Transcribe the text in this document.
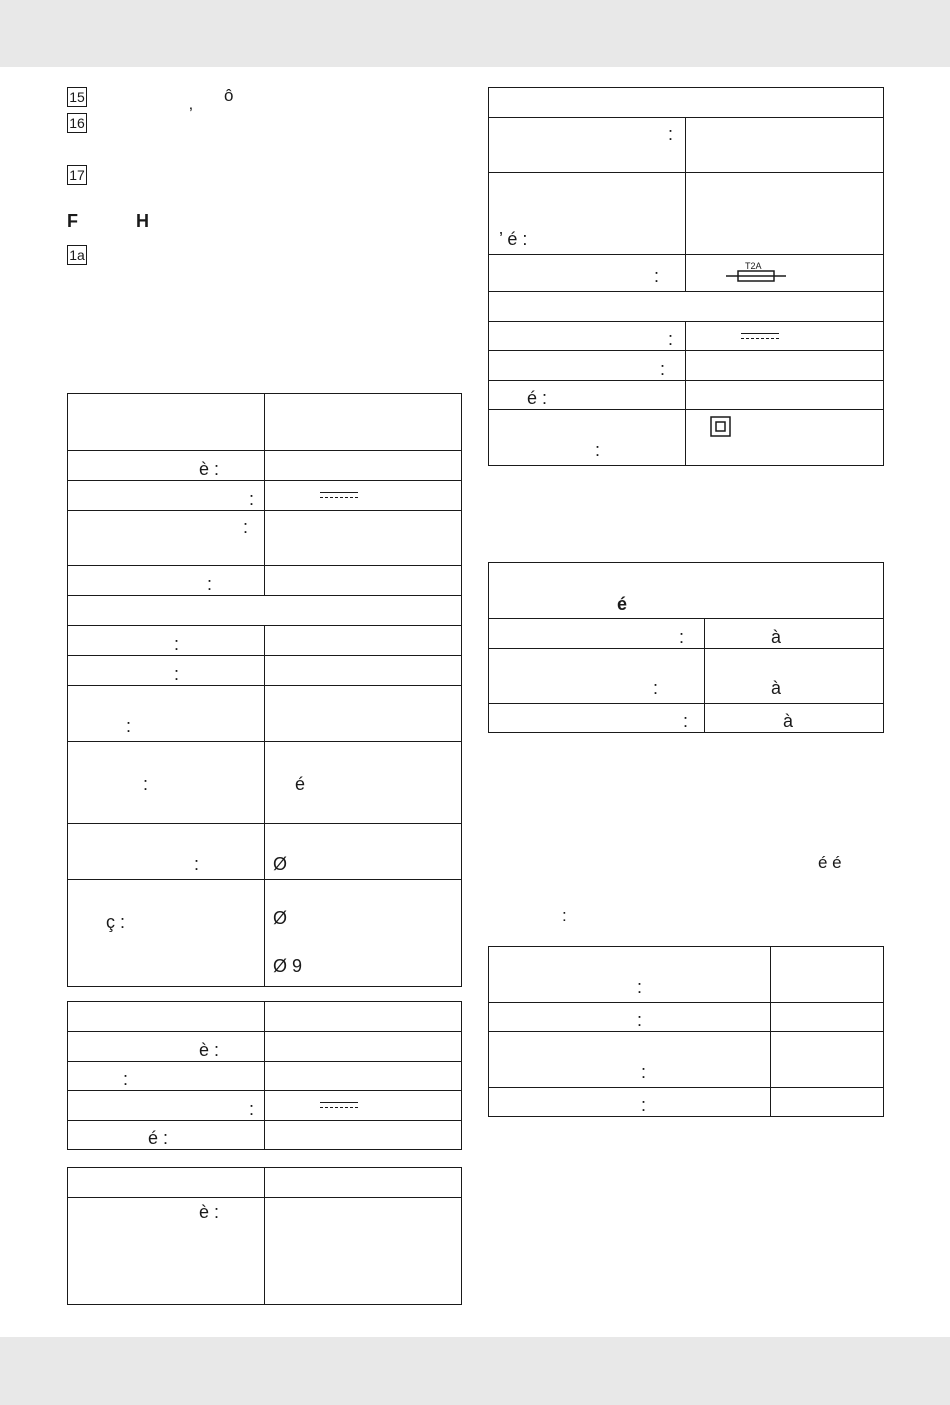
15	ô
16	’
17
F	H
1a

è :	
:	

:	
:	

:	
:	
:	
:	é
:	Ø
ç :	Ø
Ø 9

è :	
:	
:	

é :	

è :	

:	
’ é :	
:	T2A

:	

:	
é :	
:	
é	
:	à
:	à
:	à
é é
:
:	
:	
:	
:	
